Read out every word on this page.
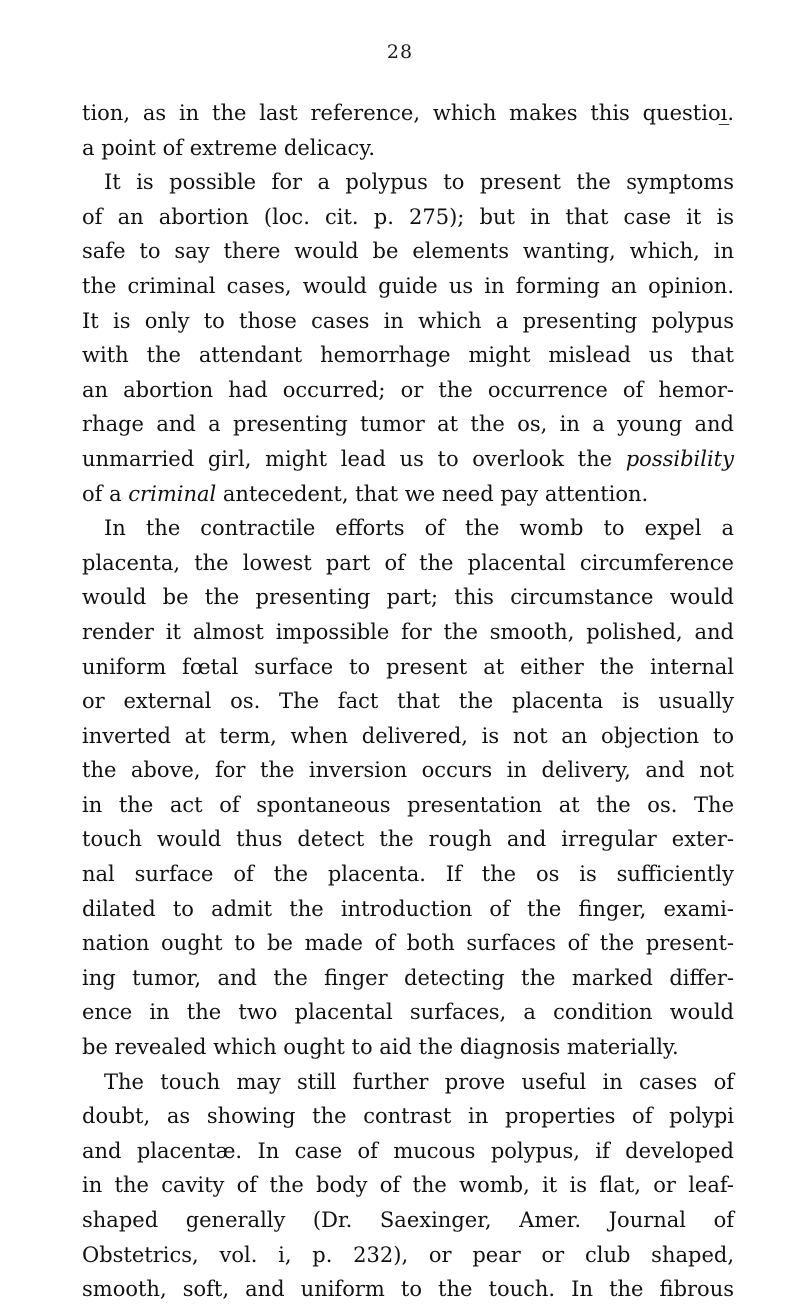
28
tion, as in the last reference, which makes this questioı̲.
a point of extreme delicacy.
It is possible for a polypus to present the symptoms
of an abortion (loc. cit. p. 275); but in that case it is
safe to say there would be elements wanting, which, in
the criminal cases, would guide us in forming an opinion.
It is only to those cases in which a presenting polypus
with the attendant hemorrhage might mislead us that
an abortion had occurred; or the occurrence of hemor-
rhage and a presenting tumor at the os, in a young and
unmarried girl, might lead us to overlook the possibility
of a criminal antecedent, that we need pay attention.
In the contractile efforts of the womb to expel a
placenta, the lowest part of the placental circumference
would be the presenting part; this circumstance would
render it almost impossible for the smooth, polished, and
uniform fœtal surface to present at either the internal
or external os. The fact that the placenta is usually
inverted at term, when delivered, is not an objection to
the above, for the inversion occurs in delivery, and not
in the act of spontaneous presentation at the os. The
touch would thus detect the rough and irregular exter-
nal surface of the placenta. If the os is sufficiently
dilated to admit the introduction of the finger, exami-
nation ought to be made of both surfaces of the present-
ing tumor, and the finger detecting the marked differ-
ence in the two placental surfaces, a condition would
be revealed which ought to aid the diagnosis materially.
The touch may still further prove useful in cases of
doubt, as showing the contrast in properties of polypi
and placentæ. In case of mucous polypus, if developed
in the cavity of the body of the womb, it is flat, or leaf-
shaped generally (Dr. Saexinger, Amer. Journal of
Obstetrics, vol. i, p. 232), or pear or club shaped,
smooth, soft, and uniform to the touch. In the fibrous
